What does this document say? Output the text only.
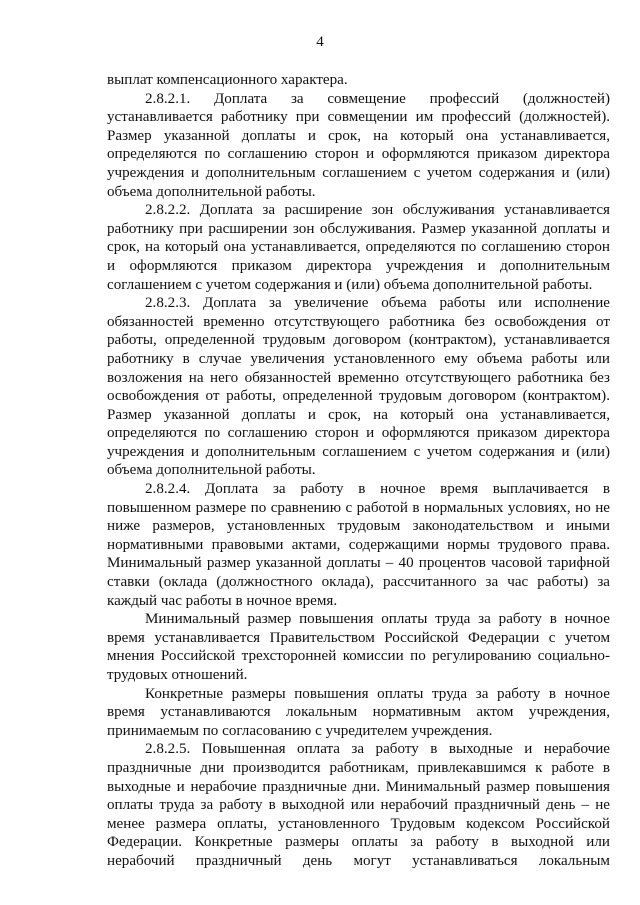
4

выплат компенсационного характера.

2.8.2.1. Доплата за совмещение профессий (должностей) устанавливается работнику при совмещении им профессий (должностей). Размер указанной доплаты и срок, на который она устанавливается, определяются по соглашению сторон и оформляются приказом директора учреждения и дополнительным соглашением с учетом содержания и (или) объема дополнительной работы.

2.8.2.2. Доплата за расширение зон обслуживания устанавливается работнику при расширении зон обслуживания. Размер указанной доплаты и срок, на который она устанавливается, определяются по соглашению сторон и оформляются приказом директора учреждения и дополнительным соглашением с учетом содержания и (или) объема дополнительной работы.

2.8.2.3. Доплата за увеличение объема работы или исполнение обязанностей временно отсутствующего работника без освобождения от работы, определенной трудовым договором (контрактом), устанавливается работнику в случае увеличения установленного ему объема работы или возложения на него обязанностей временно отсутствующего работника без освобождения от работы, определенной трудовым договором (контрактом). Размер указанной доплаты и срок, на который она устанавливается, определяются по соглашению сторон и оформляются приказом директора учреждения и дополнительным соглашением с учетом содержания и (или) объема дополнительной работы.

2.8.2.4. Доплата за работу в ночное время выплачивается в повышенном размере по сравнению с работой в нормальных условиях, но не ниже размеров, установленных трудовым законодательством и иными нормативными правовыми актами, содержащими нормы трудового права. Минимальный размер указанной доплаты – 40 процентов часовой тарифной ставки (оклада (должностного оклада), рассчитанного за час работы) за каждый час работы в ночное время.

Минимальный размер повышения оплаты труда за работу в ночное время устанавливается Правительством Российской Федерации с учетом мнения Российской трехсторонней комиссии по регулированию социально-трудовых отношений.

Конкретные размеры повышения оплаты труда за работу в ночное время устанавливаются локальным нормативным актом учреждения, принимаемым по согласованию с учредителем учреждения.

2.8.2.5. Повышенная оплата за работу в выходные и нерабочие праздничные дни производится работникам, привлекавшимся к работе в выходные и нерабочие праздничные дни. Минимальный размер повышения оплаты труда за работу в выходной или нерабочий праздничный день – не менее размера оплаты, установленного Трудовым кодексом Российской Федерации. Конкретные размеры оплаты за работу в выходной или нерабочий праздничный день могут устанавливаться локальным
